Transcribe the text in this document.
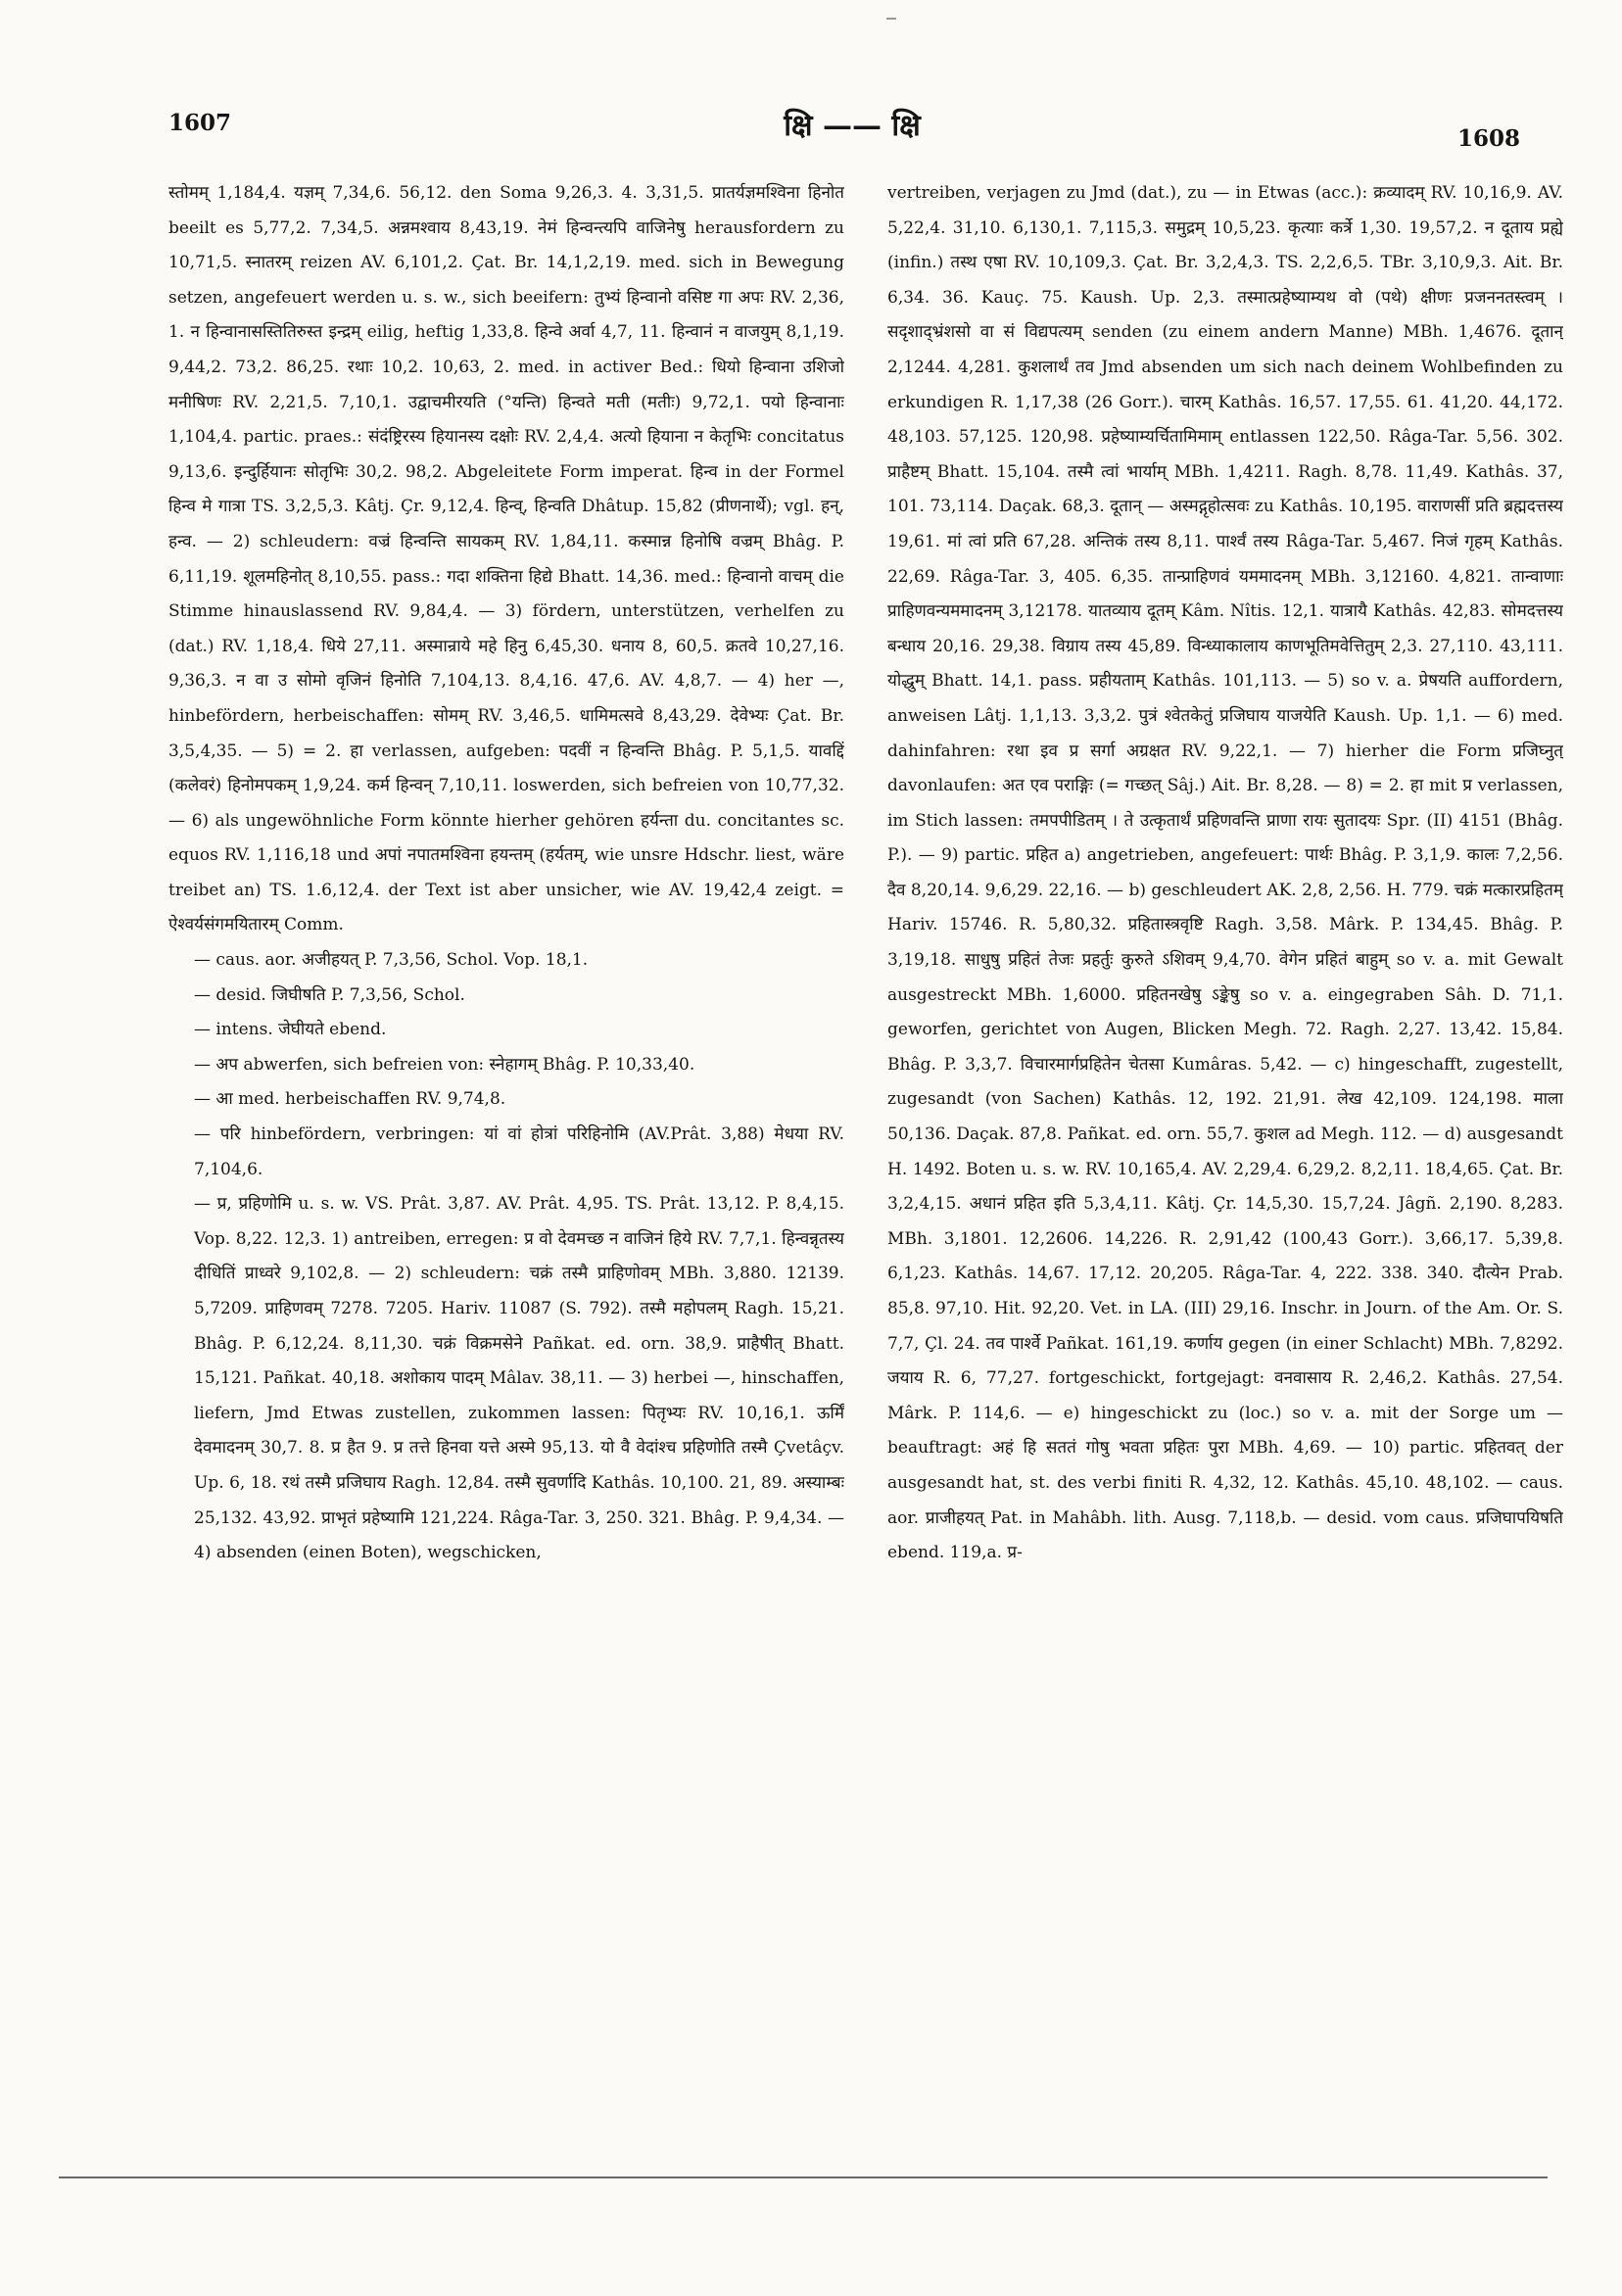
1607	क्षि —— क्षि	1608

स्तोमम् 1,184,4. यज्ञम् 7,34,6. 56,12. den Soma 9,26,3. 4. 3,31,5. प्रातर्यज्ञमश्विना हिनोत beeilt es 5,77,2. 7,34,5. अन्नमश्वाय 8,43,19. नेमं हिन्वन्त्यपि वाजिनेषु herausfordern zu 10,71,5. स्नातरम् reizen AV. 6,101,2. Çat. Br. 14,1,2,19. med. sich in Bewegung setzen, angefeuert werden u. s. w., sich beeifern: तुभ्यं हिन्वानो वसिष्ट गा अपः RV. 2,36, 1. न हिन्वानासस्तितिरुस्त इन्द्रम् eilig, heftig 1,33,8. हिन्वे अर्वा 4,7, 11. हिन्वानं न वाजयुम् 8,1,19. 9,44,2. 73,2. 86,25. रथाः 10,2. 10,63, 2. med. in activer Bed.: धियो हिन्वाना उशिजो मनीषिणः RV. 2,21,5. 7,10,1. उद्वाचमीरयति (°यन्ति) हिन्वते मती (मतीः) 9,72,1. पयो हिन्वानाः 1,104,4. partic. praes.: संदंष्ट्रिरस्य हियानस्य दक्षोः RV. 2,4,4. अत्यो हियाना न केतृभिः concitatus 9,13,6. इन्दुर्हियानः सोतृभिः 30,2. 98,2. Abgeleitete Form imperat. हिन्व in der Formel हिन्व मे गात्रा TS. 3,2,5,3. Kâtj. Çr. 9,12,4. हिन्व्, हिन्वति Dhâtup. 15,82 (प्रीणनार्थे); vgl. हन्, हन्व. — 2) schleudern: वज्रं हिन्वन्ति सायकम् RV. 1,84,11. कस्मान्न हिनोषि वज्रम् Bhâg. P. 6,11,19. शूलमहिनोत् 8,10,55. pass.: गदा शक्तिना हिद्ये Bhatt. 14,36. med.: हिन्वानो वाचम् die Stimme hinauslassend RV. 9,84,4. — 3) fördern, unterstützen, verhelfen zu (dat.) RV. 1,18,4. धिये 27,11. अस्मान्राये महे हिनु 6,45,30. धनाय 8, 60,5. क्रतवे 10,27,16. 9,36,3. न वा उ सोमो वृजिनं हिनोति 7,104,13. 8,4,16. 47,6. AV. 4,8,7. — 4) her —, hinbefördern, herbeischaffen: सोमम् RV. 3,46,5. धामिमत्सवे 8,43,29. देवेभ्यः Çat. Br. 3,5,4,35. — 5) = 2. हा verlassen, aufgeben: पदवीं न हिन्वन्ति Bhâg. P. 5,1,5. यावद्दिं (कलेवरं) हिनोमपकम् 1,9,24. कर्म हिन्वन् 7,10,11. loswerden, sich befreien von 10,77,32. — 6) als ungewöhnliche Form könnte hierher gehören हर्यन्ता du. concitantes sc. equos RV. 1,116,18 und अपां नपातमश्विना हयन्तम् (हर्यतम्, wie unsre Hdschr. liest, wäre treibet an) TS. 1.6,12,4. der Text ist aber unsicher, wie AV. 19,42,4 zeigt. = ऐश्वर्यसंगमयितारम् Comm.

— caus. aor. अजीहयत् P. 7,3,56, Schol. Vop. 18,1.

— desid. जिघीषति P. 7,3,56, Schol.

— intens. जेघीयते ebend.

— अप abwerfen, sich befreien von: स्नेहागम् Bhâg. P. 10,33,40.

— आ med. herbeischaffen RV. 9,74,8.

— परि hinbefördern, verbringen: यां वां होत्रां परिहिनोमि (AV.Prât. 3,88) मेधया RV. 7,104,6.

— प्र, प्रहिणोमि u. s. w. VS. Prât. 3,87. AV. Prât. 4,95. TS. Prât. 13,12. P. 8,4,15. Vop. 8,22. 12,3. 1) antreiben, erregen: प्र वो देवमच्छ न वाजिनं हिये RV. 7,7,1. हिन्वन्नृतस्य दीधितिं प्राध्वरे 9,102,8. — 2) schleudern: चक्रं तस्मै प्राहिणोवम् MBh. 3,880. 12139. 5,7209. प्राहिणवम् 7278. 7205. Hariv. 11087 (S. 792). तस्मै महोपलम् Ragh. 15,21. Bhâg. P. 6,12,24. 8,11,30. चक्रं विक्रमसेने Pañkat. ed. orn. 38,9. प्राहैषीत् Bhatt. 15,121. Pañkat. 40,18. अशोकाय पादम् Mâlav. 38,11. — 3) herbei —, hinschaffen, liefern, Jmd Etwas zustellen, zukommen lassen: पितृभ्यः RV. 10,16,1. ऊर्मिं देवमादनम् 30,7. 8. प्र हैत 9. प्र तत्ते हिनवा यत्ते अस्मे 95,13. यो वै वेदांश्च प्रहिणोति तस्मै Çvetâçv. Up. 6, 18. रथं तस्मै प्रजिघाय Ragh. 12,84. तस्मै सुवर्णादि Kathâs. 10,100. 21, 89. अस्याम्बः 25,132. 43,92. प्राभृतं प्रहेष्यामि 121,224. Râga-Tar. 3, 250. 321. Bhâg. P. 9,4,34. — 4) absenden (einen Boten), wegschicken,

vertreiben, verjagen zu Jmd (dat.), zu — in Etwas (acc.): क्रव्यादम् RV. 10,16,9. AV. 5,22,4. 31,10. 6,130,1. 7,115,3. समुद्रम् 10,5,23. कृत्याः कर्त्रे 1,30. 19,57,2. न दूताय प्रह्ये (infin.) तस्थ एषा RV. 10,109,3. Çat. Br. 3,2,4,3. TS. 2,2,6,5. TBr. 3,10,9,3. Ait. Br. 6,34. 36. Kauç. 75. Kaush. Up. 2,3. तस्मात्प्रहेष्याम्यथ वो (पथे) क्षीणः प्रजननतस्त्वम् । सदृशाद्भ्रंशसो वा सं विद्यपत्यम् senden (zu einem andern Manne) MBh. 1,4676. दूतान् 2,1244. 4,281. कुशलार्थं तव Jmd absenden um sich nach deinem Wohlbefinden zu erkundigen R. 1,17,38 (26 Gorr.). चारम् Kathâs. 16,57. 17,55. 61. 41,20. 44,172. 48,103. 57,125. 120,98. प्रहेष्याम्यर्चितामिमाम् entlassen 122,50. Râga-Tar. 5,56. 302. प्राहैष्टम् Bhatt. 15,104. तस्मै त्वां भार्याम् MBh. 1,4211. Ragh. 8,78. 11,49. Kathâs. 37, 101. 73,114. Daçak. 68,3. दूतान् — अस्मद्गृहोत्सवः zu Kathâs. 10,195. वाराणसीं प्रति ब्रह्मदत्तस्य 19,61. मां त्वां प्रति 67,28. अन्तिकं तस्य 8,11. पार्श्वं तस्य Râga-Tar. 5,467. निजं गृहम् Kathâs. 22,69. Râga-Tar. 3, 405. 6,35. तान्प्राहिणवं यममादनम् MBh. 3,12160. 4,821. तान्वाणाः प्राहिणवन्यममादनम् 3,12178. यातव्याय दूतम् Kâm. Nîtis. 12,1. यात्रायै Kathâs. 42,83. सोमदत्तस्य बन्धाय 20,16. 29,38. विग्राय तस्य 45,89. विन्ध्याकालाय काणभूतिमवेत्तितुम् 2,3. 27,110. 43,111. योद्धुम् Bhatt. 14,1. pass. प्रहीयताम् Kathâs. 101,113. — 5) so v. a. प्रेषयति auffordern, anweisen Lâtj. 1,1,13. 3,3,2. पुत्रं श्वेतकेतुं प्रजिघाय याजयेति Kaush. Up. 1,1. — 6) med. dahinfahren: रथा इव प्र सर्गा अग्रक्षत RV. 9,22,1. — 7) hierher die Form प्रजिघ्नुत् davonlaufen: अत एव पराङ्गिः (= गच्छत् Sâj.) Ait. Br. 8,28. — 8) = 2. हा mit प्र verlassen, im Stich lassen: तमपपीडितम् । ते उत्कृतार्थं प्रहिणवन्ति प्राणा रायः सुतादयः Spr. (II) 4151 (Bhâg. P.). — 9) partic. प्रहित a) angetrieben, angefeuert: पार्थः Bhâg. P. 3,1,9. कालः 7,2,56. दैव 8,20,14. 9,6,29. 22,16. — b) geschleudert AK. 2,8, 2,56. H. 779. चक्रं मत्कारप्रहितम् Hariv. 15746. R. 5,80,32. प्रहितास्त्रवृष्टि Ragh. 3,58. Mârk. P. 134,45. Bhâg. P. 3,19,18. साधुषु प्रहितं तेजः प्रहर्तुः कुरुते ऽशिवम् 9,4,70. वेगेन प्रहितं बाहुम् so v. a. mit Gewalt ausgestreckt MBh. 1,6000. प्रहितनखेषु ऽङ्केषु so v. a. eingegraben Sâh. D. 71,1. geworfen, gerichtet von Augen, Blicken Megh. 72. Ragh. 2,27. 13,42. 15,84. Bhâg. P. 3,3,7. विचारमार्गप्रहितेन चेतसा Kumâras. 5,42. — c) hingeschafft, zugestellt, zugesandt (von Sachen) Kathâs. 12, 192. 21,91. लेख 42,109. 124,198. माला 50,136. Daçak. 87,8. Pañkat. ed. orn. 55,7. कुशल ad Megh. 112. — d) ausgesandt H. 1492. Boten u. s. w. RV. 10,165,4. AV. 2,29,4. 6,29,2. 8,2,11. 18,4,65. Çat. Br. 3,2,4,15. अधानं प्रहित इति 5,3,4,11. Kâtj. Çr. 14,5,30. 15,7,24. Jâgñ. 2,190. 8,283. MBh. 3,1801. 12,2606. 14,226. R. 2,91,42 (100,43 Gorr.). 3,66,17. 5,39,8. 6,1,23. Kathâs. 14,67. 17,12. 20,205. Râga-Tar. 4, 222. 338. 340. दौत्येन Prab. 85,8. 97,10. Hit. 92,20. Vet. in LA. (III) 29,16. Inschr. in Journ. of the Am. Or. S. 7,7, Çl. 24. तव पार्श्वे Pañkat. 161,19. कर्णाय gegen (in einer Schlacht) MBh. 7,8292. जयाय R. 6, 77,27. fortgeschickt, fortgejagt: वनवासाय R. 2,46,2. Kathâs. 27,54. Mârk. P. 114,6. — e) hingeschickt zu (loc.) so v. a. mit der Sorge um — beauftragt: अहं हि सततं गोषु भवता प्रहितः पुरा MBh. 4,69. — 10) partic. प्रहितवत् der ausgesandt hat, st. des verbi finiti R. 4,32, 12. Kathâs. 45,10. 48,102. — caus. aor. प्राजीहयत् Pat. in Mahâbh. lith. Ausg. 7,118,b. — desid. vom caus. प्रजिघापयिषति ebend. 119,a. प्र-
